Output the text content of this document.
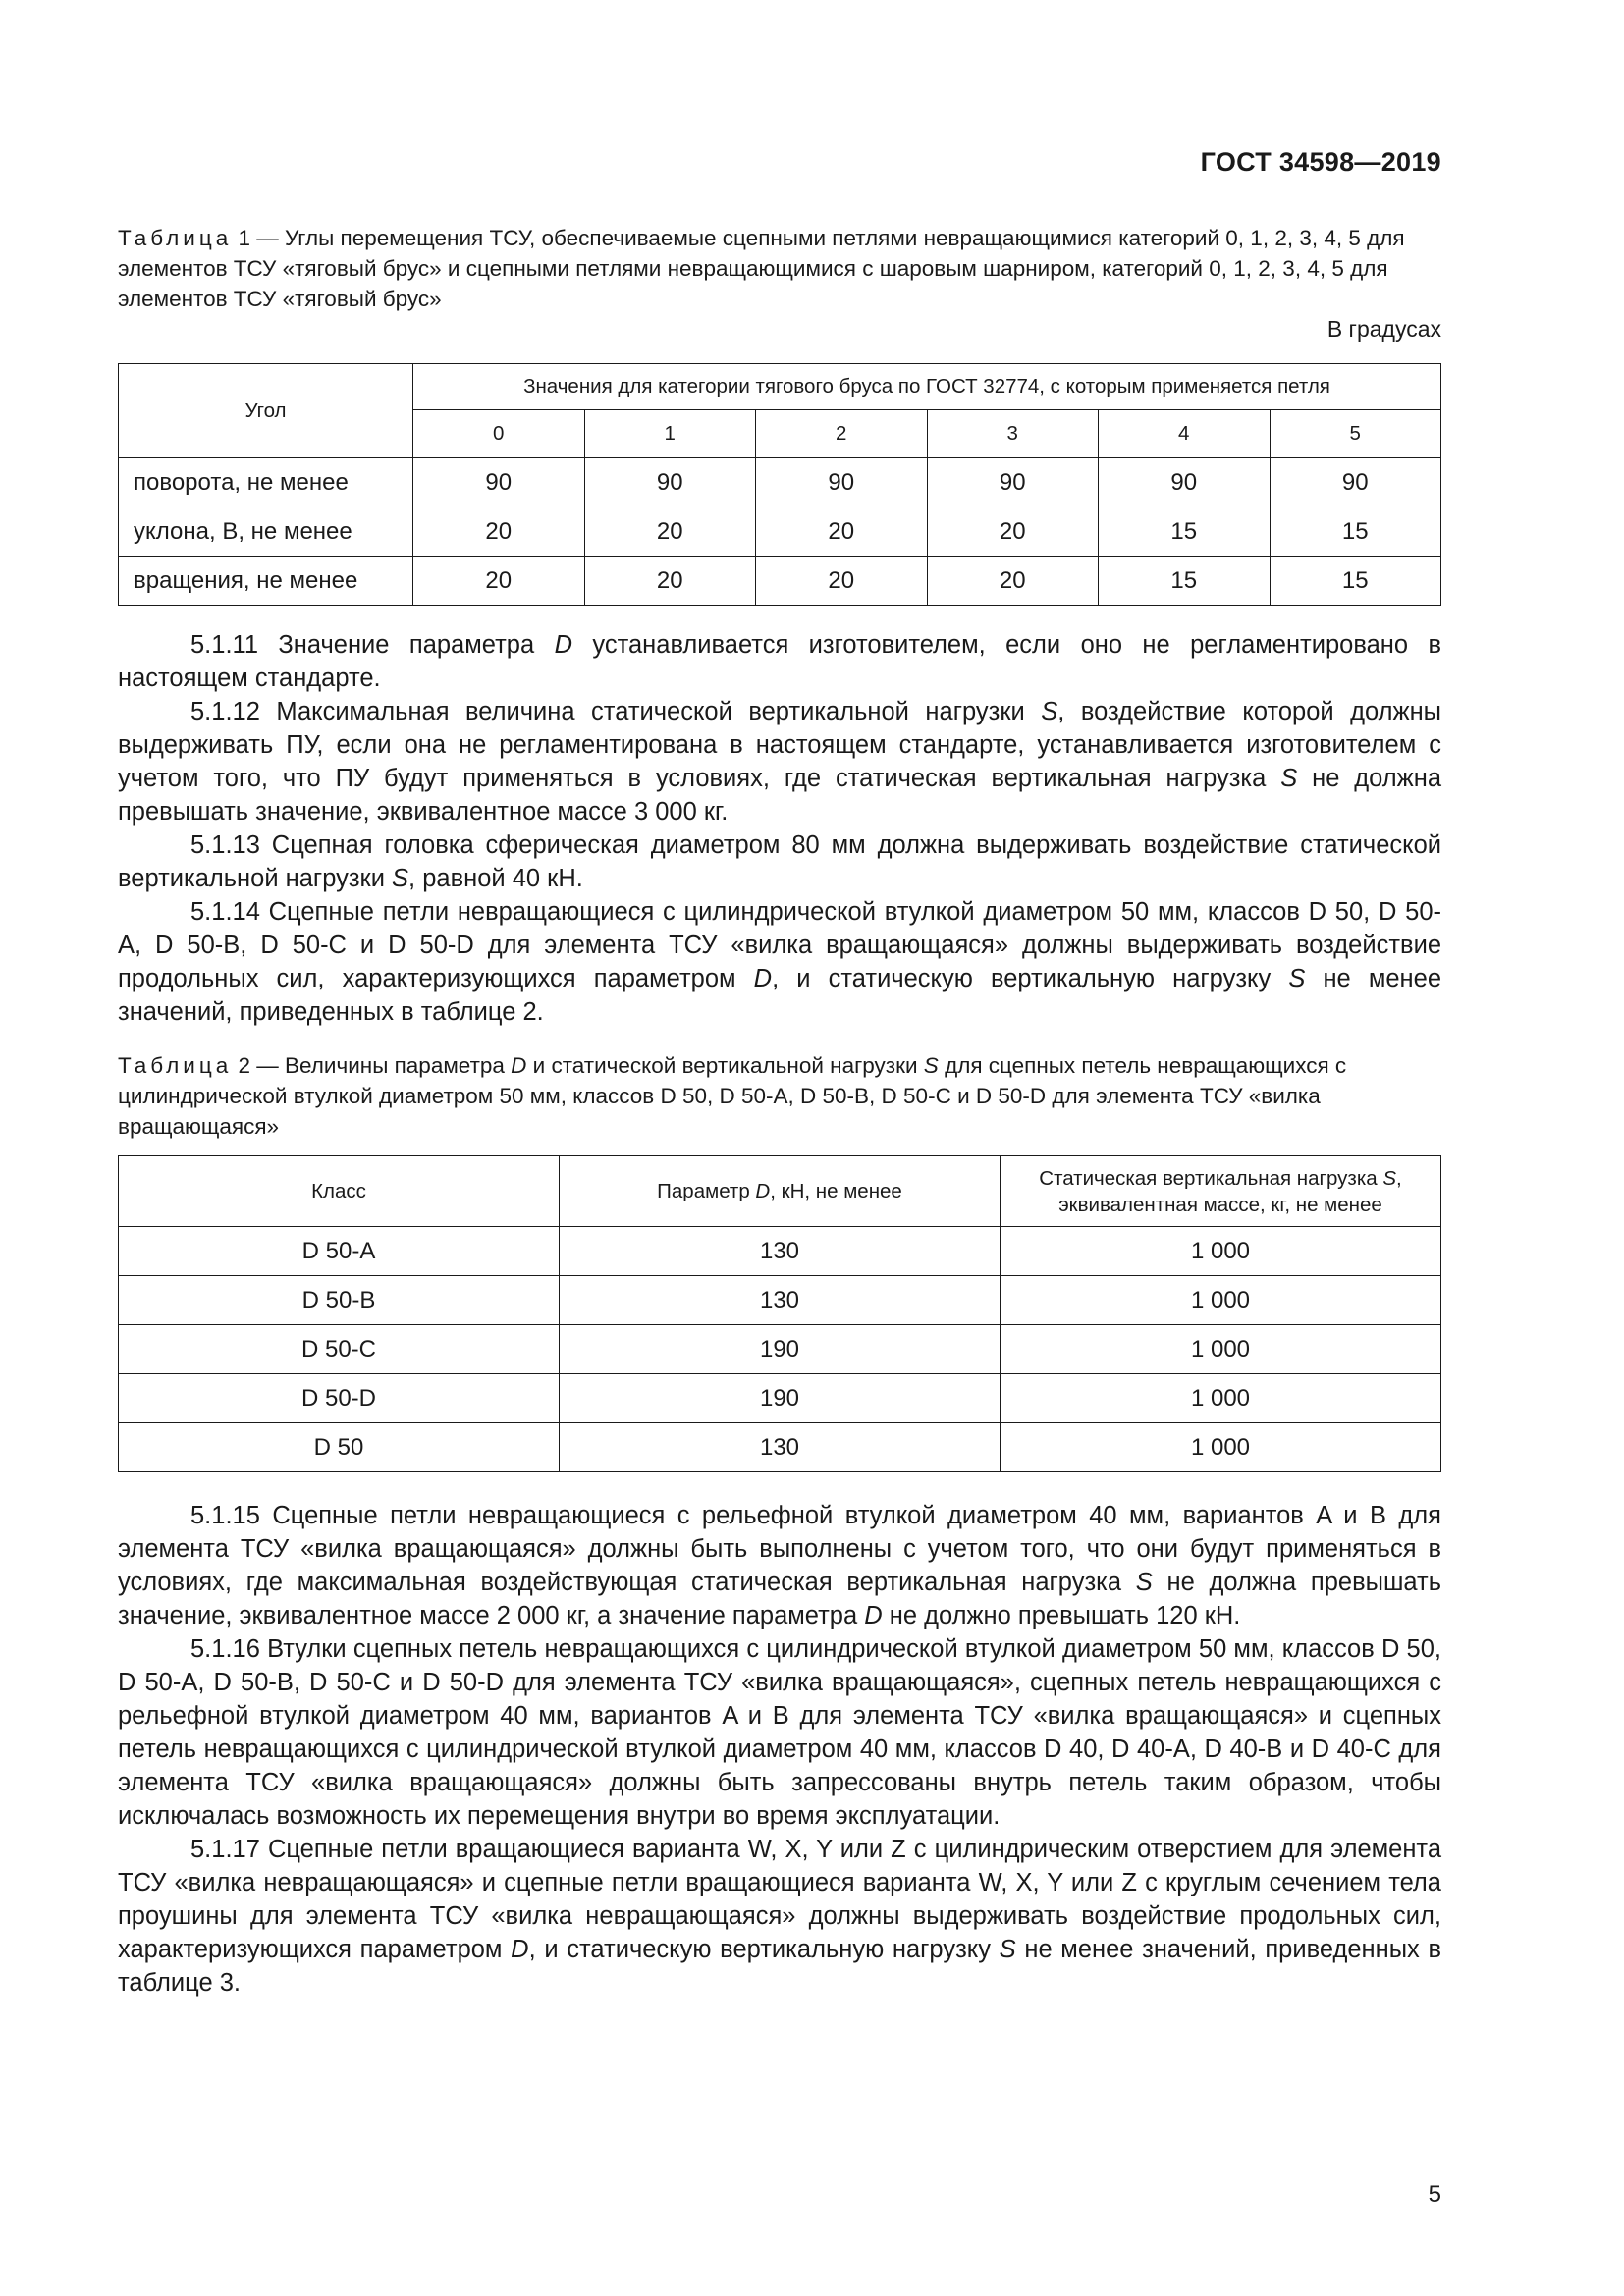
ГОСТ 34598—2019
Таблица 1 — Углы перемещения ТСУ, обеспечиваемые сцепными петлями невращающимися категорий 0, 1, 2, 3, 4, 5 для элементов ТСУ «тяговый брус» и сцепными петлями невращающимися с шаровым шарниром, категорий 0, 1, 2, 3, 4, 5 для элементов ТСУ «тяговый брус»
В градусах
Угол	Значения для категории тягового бруса по ГОСТ 32774, с которым применяется петля					
	0	1	2	3	4	5
поворота, не менее	90	90	90	90	90	90
уклона, В, не менее	20	20	20	20	15	15
вращения, не менее	20	20	20	20	15	15

5.1.11 Значение параметра D устанавливается изготовителем, если оно не регламентировано в настоящем стандарте.

5.1.12 Максимальная величина статической вертикальной нагрузки S, воздействие которой должны выдерживать ПУ, если она не регламентирована в настоящем стандарте, устанавливается изготовителем с учетом того, что ПУ будут применяться в условиях, где статическая вертикальная нагрузка S не должна превышать значение, эквивалентное массе 3 000 кг.

5.1.13 Сцепная головка сферическая диаметром 80 мм должна выдерживать воздействие статической вертикальной нагрузки S, равной 40 кН.

5.1.14 Сцепные петли невращающиеся с цилиндрической втулкой диаметром 50 мм, классов D 50, D 50-A, D 50-B, D 50-C и D 50-D для элемента ТСУ «вилка вращающаяся» должны выдерживать воздействие продольных сил, характеризующихся параметром D, и статическую вертикальную нагрузку S не менее значений, приведенных в таблице 2.

Таблица 2 — Величины параметра D и статической вертикальной нагрузки S для сцепных петель невращающихся с цилиндрической втулкой диаметром 50 мм, классов D 50, D 50-A, D 50-B, D 50-C и D 50-D для элемента ТСУ «вилка вращающаяся»
Класс	Параметр D, кН, не менее	Статическая вертикальная нагрузка S,
эквивалентная массе, кг, не менее
D 50-A	130	1 000
D 50-B	130	1 000
D 50-C	190	1 000
D 50-D	190	1 000
D 50	130	1 000

5.1.15 Сцепные петли невращающиеся с рельефной втулкой диаметром 40 мм, вариантов A и B для элемента ТСУ «вилка вращающаяся» должны быть выполнены с учетом того, что они будут применяться в условиях, где максимальная воздействующая статическая вертикальная нагрузка S не должна превышать значение, эквивалентное массе 2 000 кг, а значение параметра D не должно превышать 120 кН.

5.1.16 Втулки сцепных петель невращающихся с цилиндрической втулкой диаметром 50 мм, классов D 50, D 50-A, D 50-B, D 50-C и D 50-D для элемента ТСУ «вилка вращающаяся», сцепных петель невращающихся с рельефной втулкой диаметром 40 мм, вариантов A и B для элемента ТСУ «вилка вращающаяся» и сцепных петель невращающихся с цилиндрической втулкой диаметром 40 мм, классов D 40, D 40-A, D 40-B и D 40-C для элемента ТСУ «вилка вращающаяся» должны быть запрессованы внутрь петель таким образом, чтобы исключалась возможность их перемещения внутри во время эксплуатации.

5.1.17 Сцепные петли вращающиеся варианта W, X, Y или Z с цилиндрическим отверстием для элемента ТСУ «вилка невращающаяся» и сцепные петли вращающиеся варианта W, X, Y или Z с круглым сечением тела проушины для элемента ТСУ «вилка невращающаяся» должны выдерживать воздействие продольных сил, характеризующихся параметром D, и статическую вертикальную нагрузку S не менее значений, приведенных в таблице 3.

5
